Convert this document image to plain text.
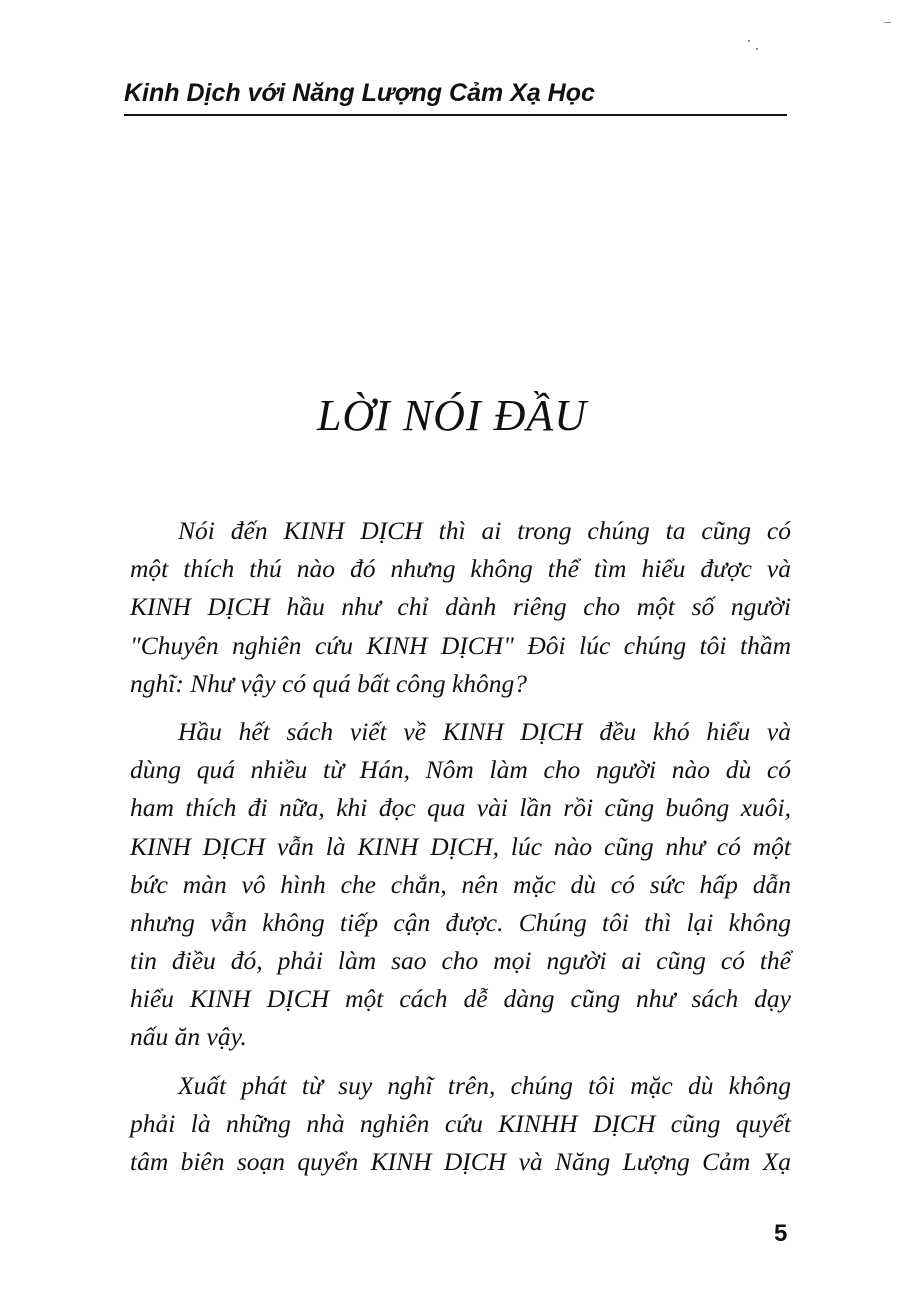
Kinh Dịch với Năng Lượng Cảm Xạ Học
LỜI NÓI ĐẦU
Nói đến KINH DỊCH thì ai trong chúng ta cũng có
một thích thú nào đó nhưng không thể tìm hiểu được và
KINH DỊCH hầu như chỉ dành riêng cho một số người
"Chuyên nghiên cứu KINH DỊCH" Đôi lúc chúng tôi thầm
nghĩ: Như vậy có quá bất công không?
Hầu hết sách viết về KINH DỊCH đều khó hiểu và
dùng quá nhiều từ Hán, Nôm làm cho người nào dù có
ham thích đi nữa, khi đọc qua vài lần rồi cũng buông xuôi,
KINH DỊCH vẫn là KINH DỊCH, lúc nào cũng như có một
bức màn vô hình che chắn, nên mặc dù có sức hấp dẫn
nhưng vẫn không tiếp cận được. Chúng tôi thì lại không
tin điều đó, phải làm sao cho mọi người ai cũng có thể
hiểu KINH DỊCH một cách dễ dàng cũng như sách dạy
nấu ăn vậy.
Xuất phát từ suy nghĩ trên, chúng tôi mặc dù không
phải là những nhà nghiên cứu KINHH DỊCH cũng quyết
tâm biên soạn quyển KINH DỊCH và Năng Lượng Cảm Xạ
5
